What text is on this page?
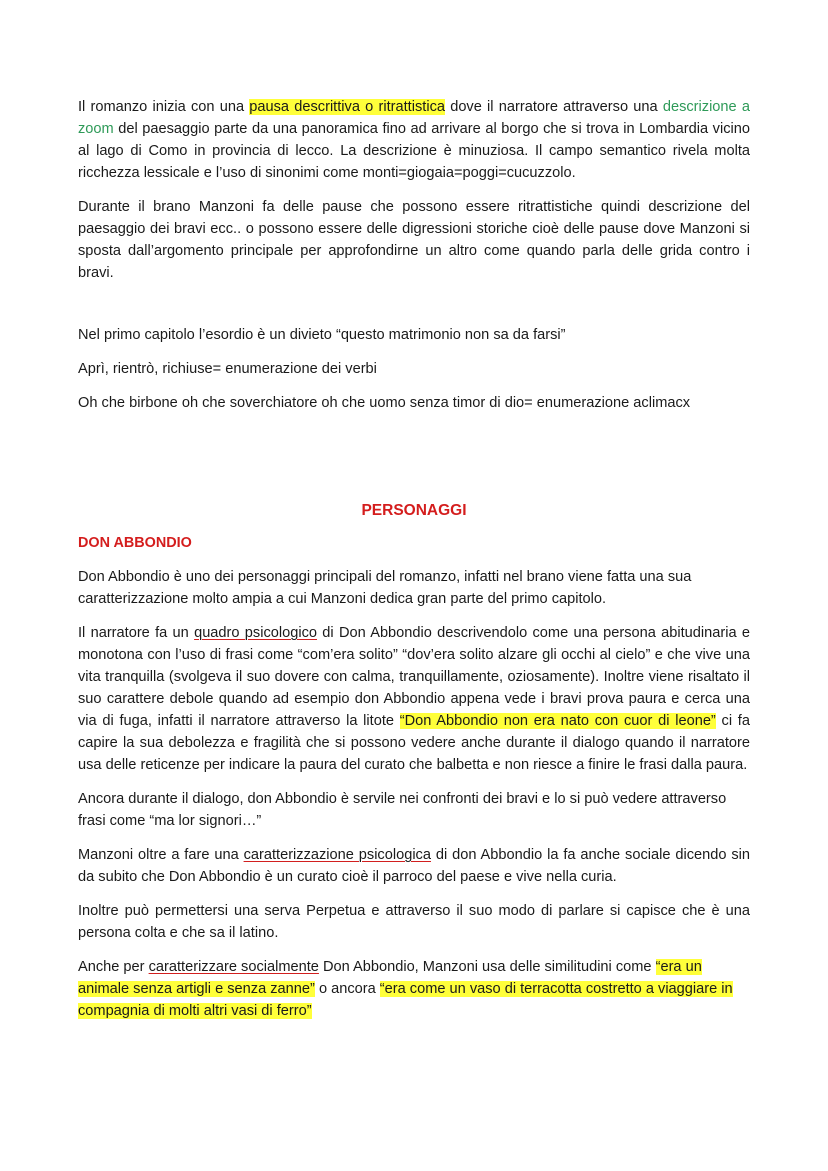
Il romanzo inizia con una pausa descrittiva o ritrattistica dove il narratore attraverso una descrizione a zoom del paesaggio parte da una panoramica fino ad arrivare al borgo che si trova in Lombardia vicino al lago di Como in provincia di lecco. La descrizione è minuziosa. Il campo semantico rivela molta ricchezza lessicale e l’uso di sinonimi come monti=giogaia=poggi=cucuzzolo.

Durante il brano Manzoni fa delle pause che possono essere ritrattistiche quindi descrizione del paesaggio dei bravi ecc.. o possono essere delle digressioni storiche cioè delle pause dove Manzoni si sposta dall’argomento principale per approfondirne un altro come quando parla delle grida contro i bravi.

Nel primo capitolo l’esordio è un divieto “questo matrimonio non sa da farsi”

Aprì, rientrò, richiuse= enumerazione dei verbi

Oh che birbone oh che soverchiatore oh che uomo senza timor di dio= enumerazione aclimacx

PERSONAGGI

DON ABBONDIO

Don Abbondio è uno dei personaggi principali del romanzo, infatti nel brano viene fatta una sua caratterizzazione molto ampia a cui Manzoni dedica gran parte del primo capitolo.

Il narratore fa un quadro psicologico di Don Abbondio descrivendolo come una persona abitudinaria e monotona con l’uso di frasi come “com’era solito” “dov’era solito alzare gli occhi al cielo” e che vive una vita tranquilla (svolgeva il suo dovere con calma, tranquillamente, oziosamente). Inoltre viene risaltato il suo carattere debole quando ad esempio don Abbondio appena vede i bravi prova paura e cerca una via di fuga, infatti il narratore attraverso la litote “Don Abbondio non era nato con cuor di leone” ci fa capire la sua debolezza e fragilità che si possono vedere anche durante il dialogo quando il narratore usa delle reticenze per indicare la paura del curato che balbetta e non riesce a finire le frasi dalla paura.

Ancora durante il dialogo, don Abbondio è servile nei confronti dei bravi e lo si può vedere attraverso frasi come “ma lor signori…”

Manzoni oltre a fare una caratterizzazione psicologica di don Abbondio la fa anche sociale dicendo sin da subito che Don Abbondio è un curato cioè il parroco del paese e vive nella curia.

Inoltre può permettersi una serva Perpetua e attraverso il suo modo di parlare si capisce che è una persona colta e che sa il latino.

Anche per caratterizzare socialmente Don Abbondio, Manzoni usa delle similitudini come “era un animale senza artigli e senza zanne” o ancora “era come un vaso di terracotta costretto a viaggiare in compagnia di molti altri vasi di ferro”
